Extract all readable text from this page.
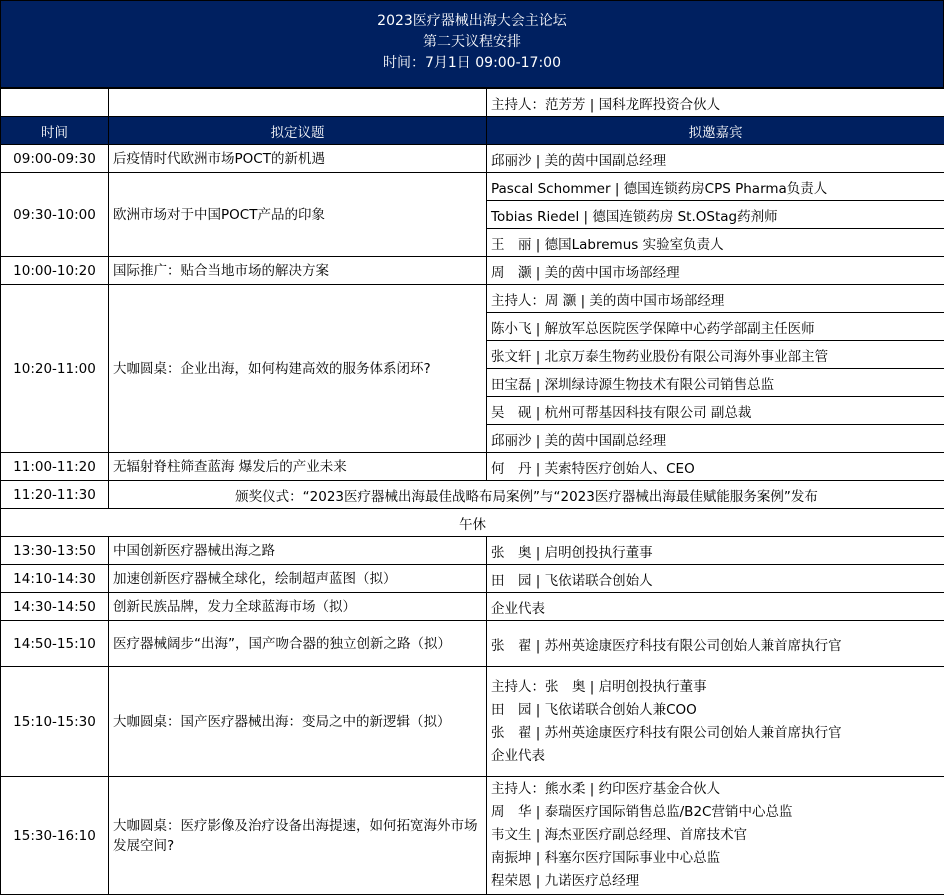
2023医疗器械出海大会主论坛
第二天议程安排
时间：7月1日 09:00-17:00
		主持人：范芳芳 | 国科龙晖投资合伙人
时间	拟定议题	拟邀嘉宾
09:00-09:30	后疫情时代欧洲市场POCT的新机遇	邱丽沙 | 美的茵中国副总经理
09:30-10:00	欧洲市场对于中国POCT产品的印象	Pascal Schommer | 德国连锁药房CPS Pharma负责人
		Tobias Riedel | 德国连锁药房 St.OStag药剂师
		王　丽 | 德国Labremus 实验室负责人
10:00-10:20	国际推广：贴合当地市场的解决方案	周　灏 | 美的茵中国市场部经理
10:20-11:00	大咖圆桌：企业出海，如何构建高效的服务体系闭环?	主持人：周 灏 | 美的茵中国市场部经理
		陈小飞 | 解放军总医院医学保障中心药学部副主任医师
		张文轩 | 北京万泰生物药业股份有限公司海外事业部主管
		田宝磊 | 深圳绿诗源生物技术有限公司销售总监
		吴　砚 | 杭州可帮基因科技有限公司 副总裁
		邱丽沙 | 美的茵中国副总经理
11:00-11:20	无辐射脊柱筛查蓝海 爆发后的产业未来	何　丹 | 芙索特医疗创始人、CEO
11:20-11:30	颁奖仪式：“2023医疗器械出海最佳战略布局案例”与“2023医疗器械出海最佳赋能服务案例”发布	
午休		
13:30-13:50	中国创新医疗器械出海之路	张　奥 | 启明创投执行董事
14:10-14:30	加速创新医疗器械全球化，绘制超声蓝图（拟）	田　园 | 飞依诺联合创始人
14:30-14:50	创新民族品牌，发力全球蓝海市场（拟）	企业代表
14:50-15:10	医疗器械阔步“出海”，国产吻合器的独立创新之路（拟）	张　翟 | 苏州英途康医疗科技有限公司创始人兼首席执行官
15:10-15:30	大咖圆桌：国产医疗器械出海：变局之中的新逻辑（拟）	主持人：张　奥 | 启明创投执行董事
田　园 | 飞依诺联合创始人兼COO
张　翟 | 苏州英途康医疗科技有限公司创始人兼首席执行官
企业代表

15:30-16:10	大咖圆桌：医疗影像及治疗设备出海提速，如何拓宽海外市场发展空间?	主持人：熊水柔 | 约印医疗基金合伙人
周　华 | 泰瑞医疗国际销售总监/B2C营销中心总监
韦文生 | 海杰亚医疗副总经理、首席技术官
南振坤 | 科塞尔医疗国际事业中心总监
程荣恩 | 九诺医疗总经理
